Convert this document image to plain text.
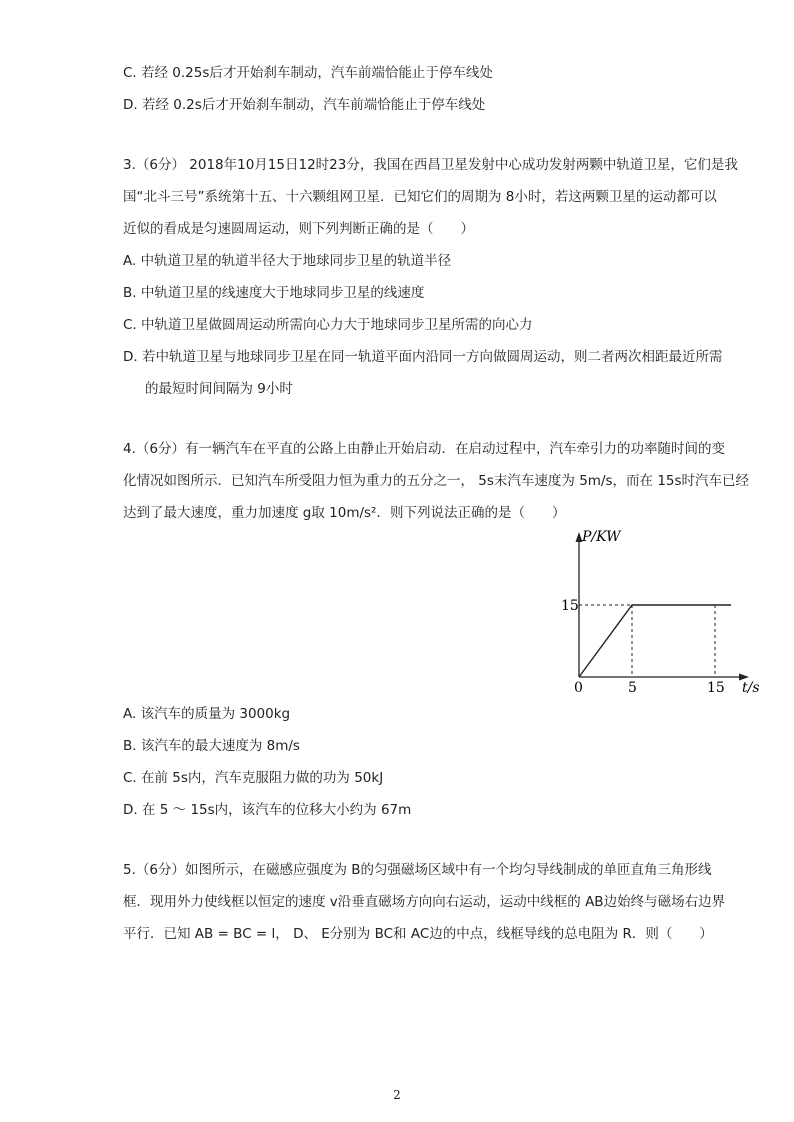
C. 若经 0.25s后才开始刹车制动，汽车前端恰能止于停车线处
D. 若经 0.2s后才开始刹车制动，汽车前端恰能止于停车线处
3.（6分） 2018年10月15日12时23分，我国在西昌卫星发射中心成功发射两颗中轨道卫星，它们是我
国“北斗三号”系统第十五、十六颗组网卫星．已知它们的周期为 8小时，若这两颗卫星的运动都可以
近似的看成是匀速圆周运动，则下列判断正确的是（　　）
A. 中轨道卫星的轨道半径大于地球同步卫星的轨道半径
B. 中轨道卫星的线速度大于地球同步卫星的线速度
C. 中轨道卫星做圆周运动所需向心力大于地球同步卫星所需的向心力
D. 若中轨道卫星与地球同步卫星在同一轨道平面内沿同一方向做圆周运动，则二者两次相距最近所需
的最短时间间隔为 9小时
4.（6分）有一辆汽车在平直的公路上由静止开始启动．在启动过程中，汽车牵引力的功率随时间的变
化情况如图所示．已知汽车所受阻力恒为重力的五分之一， 5s末汽车速度为 5m/s，而在 15s时汽车已经
达到了最大速度，重力加速度 g取 10m/s²．则下列说法正确的是（　　）
P/KW
t/s
0
15
5	15
A. 该汽车的质量为 3000kg
B. 该汽车的最大速度为 8m/s
C. 在前 5s内，汽车克服阻力做的功为 50kJ
D. 在 5 ～ 15s内，该汽车的位移大小约为 67m
5.（6分）如图所示，在磁感应强度为 B的匀强磁场区域中有一个均匀导线制成的单匝直角三角形线
框．现用外力使线框以恒定的速度 v沿垂直磁场方向向右运动，运动中线框的 AB边始终与磁场右边界
平行．已知 AB = BC = l， D、 E分别为 BC和 AC边的中点，线框导线的总电阻为 R．则（　　）
2
